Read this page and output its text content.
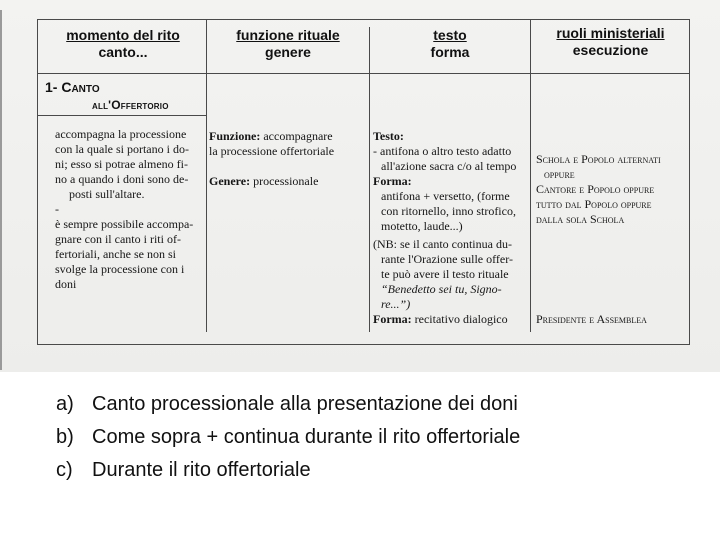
momento del rito
canto...
funzione rituale
genere
testo
forma
ruoli ministeriali
esecuzione
1- Canto
all'Offertorio
accompagna la processione
con la quale si portano i do-
ni; esso si potrae almeno fi-
no a quando i doni sono de-
posti sull'altare.
-
è sempre possibile accompa-
gnare con il canto i riti of-
fertoriali, anche se non si
svolge la processione con i
doni
Funzione: accompagnare
la processione offertoriale
Genere: processionale
Testo:
- antifona o altro testo adatto
all'azione sacra c/o al tempo
Forma:
antifona + versetto, (forme
con ritornello, inno strofico,
motetto, laude...)
(NB: se il canto continua du-
rante l'Orazione sulle offer-
te può avere il testo rituale
“Benedetto sei tu, Signo-
re...”)
Forma: recitativo dialogico
Schola e Popolo alternati
oppure
Cantore e Popolo oppure
tutto dal Popolo oppure
dalla sola Schola
Presidente e Assemblea
a) Canto processionale alla presentazione dei doni
b) Come sopra + continua durante il rito offertoriale
c) Durante il rito offertoriale
